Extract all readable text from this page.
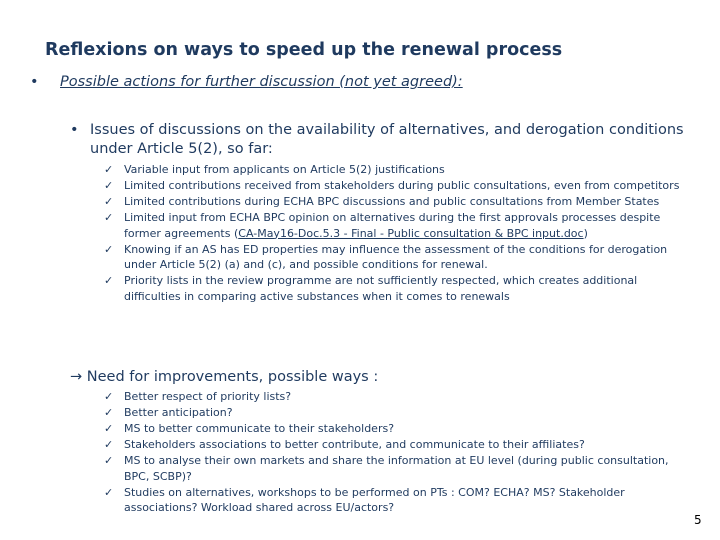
Reflexions on ways to speed up the renewal process
• Possible actions for further discussion (not yet agreed):
• Issues of discussions on the availability of alternatives, and derogation conditions under Article 5(2), so far:
✓ Variable input from applicants on Article 5(2) justifications
✓ Limited contributions received from stakeholders during public consultations, even from competitors
✓ Limited contributions during ECHA BPC discussions and public consultations from Member States
✓ Limited input from ECHA BPC opinion on alternatives during the first approvals processes despite former agreements (CA-May16-Doc.5.3 - Final - Public consultation & BPC input.doc)
✓ Knowing if an AS has ED properties may influence the assessment of the conditions for derogation under Article 5(2) (a) and (c), and possible conditions for renewal.
✓ Priority lists in the review programme are not sufficiently respected, which creates additional difficulties in comparing active substances when it comes to renewals
→ Need for improvements, possible ways :
✓ Better respect of priority lists?
✓ Better anticipation?
✓ MS to better communicate to their stakeholders?
✓ Stakeholders associations to better contribute, and communicate to their affiliates?
✓ MS to analyse their own markets and share the information at EU level (during public consultation, BPC, SCBP)?
✓ Studies on alternatives, workshops to be performed on PTs : COM? ECHA? MS? Stakeholder associations? Workload shared across EU/actors?
5
